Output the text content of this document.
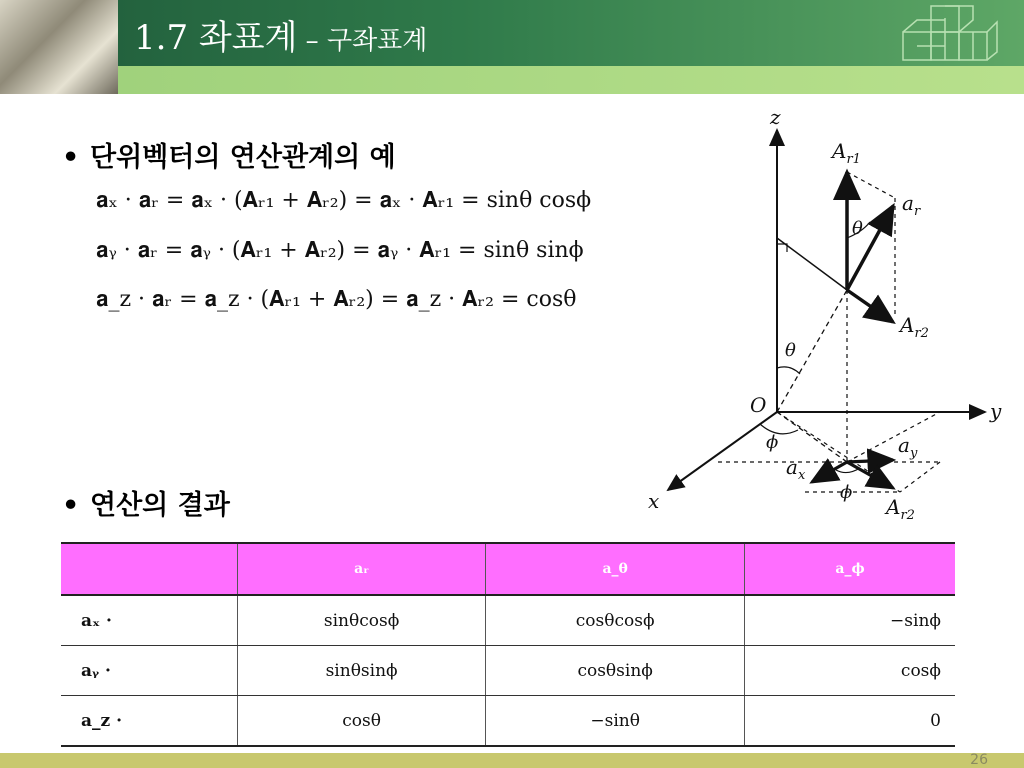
1.7 좌표계 – 구좌표계
• 단위벡터의 연산관계의 예
𝐚ₓ · 𝐚ᵣ = 𝐚ₓ · (𝐀ᵣ₁ + 𝐀ᵣ₂) = 𝐚ₓ · 𝐀ᵣ₁ = sinθ cosϕ
𝐚ᵧ · 𝐚ᵣ = 𝐚ᵧ · (𝐀ᵣ₁ + 𝐀ᵣ₂) = 𝐚ᵧ · 𝐀ᵣ₁ = sinθ sinϕ
𝐚_z · 𝐚ᵣ = 𝐚_z · (𝐀ᵣ₁ + 𝐀ᵣ₂) = 𝐚_z · 𝐀ᵣ₂ = cosθ
z
y
x
O
$A_{r1}$
$a_r$
θ
$A_{r2}$
θ
ϕ	$a_y$
$a_x$
ϕ
$A_{r2}$
• 연산의 결과
	𝐚ᵣ	𝐚_θ	𝐚_ϕ
𝐚ₓ ·	sinθcosϕ	cosθcosϕ	−sinϕ
𝐚ᵧ ·	sinθsinϕ	cosθsinϕ	cosϕ
𝐚_z ·	cosθ	−sinθ	0
26
